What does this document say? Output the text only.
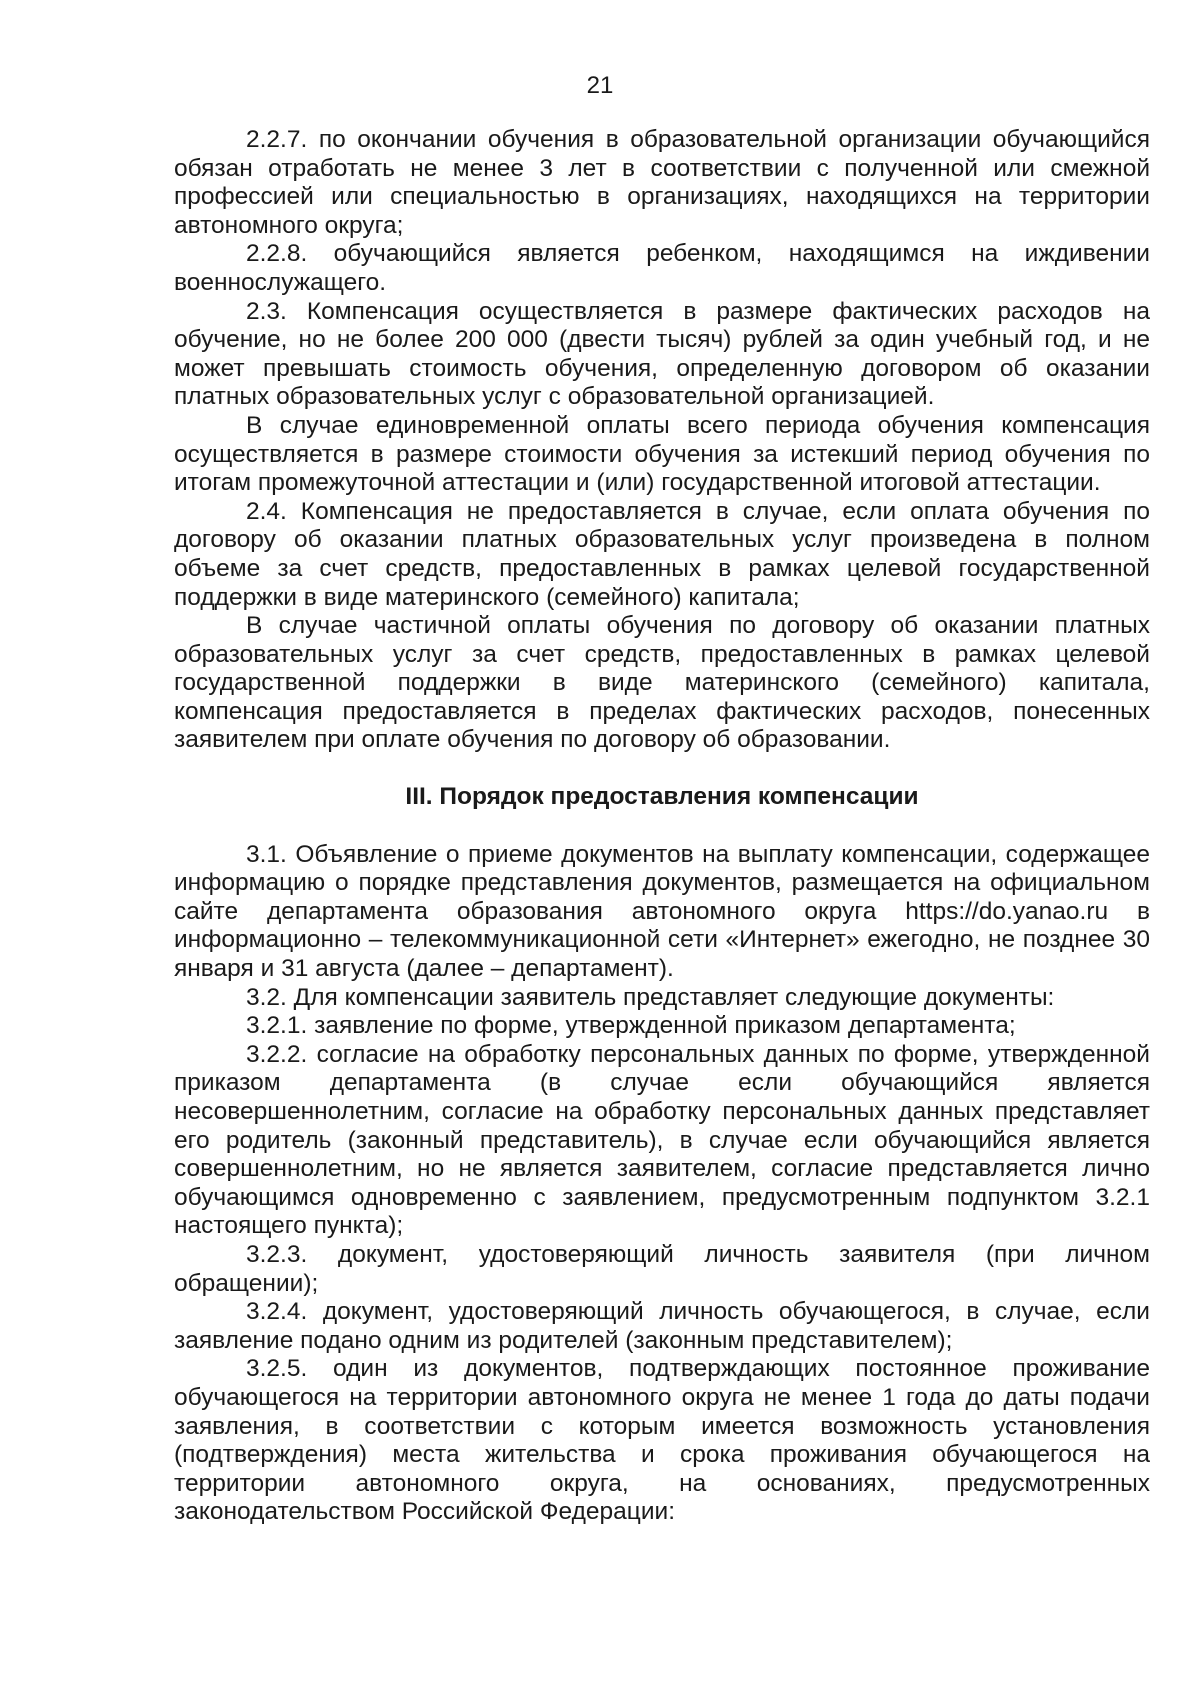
21

2.2.7. по окончании обучения в образовательной организации обучающийся обязан отработать не менее 3 лет в соответствии с полученной или смежной профессией или специальностью в организациях, находящихся на территории автономного округа;

2.2.8. обучающийся является ребенком, находящимся на иждивении военнослужащего.

2.3. Компенсация осуществляется в размере фактических расходов на обучение, но не более 200 000 (двести тысяч) рублей за один учебный год, и не может превышать стоимость обучения, определенную договором об оказании платных образовательных услуг с образовательной организацией.

В случае единовременной оплаты всего периода обучения компенсация осуществляется в размере стоимости обучения за истекший период обучения по итогам промежуточной аттестации и (или) государственной итоговой аттестации.

2.4. Компенсация не предоставляется в случае, если оплата обучения по договору об оказании платных образовательных услуг произведена в полном объеме за счет средств, предоставленных в рамках целевой государственной поддержки в виде материнского (семейного) капитала;

В случае частичной оплаты обучения по договору об оказании платных образовательных услуг за счет средств, предоставленных в рамках целевой государственной поддержки в виде материнского (семейного) капитала, компенсация предоставляется в пределах фактических расходов, понесенных заявителем при оплате обучения по договору об образовании.

III. Порядок предоставления компенсации

3.1. Объявление о приеме документов на выплату компенсации, содержащее информацию о порядке представления документов, размещается на официальном сайте департамента образования автономного округа https://do.yanao.ru в информационно – телекоммуникационной сети «Интернет» ежегодно, не позднее 30 января и 31 августа (далее – департамент).

3.2. Для компенсации заявитель представляет следующие документы:

3.2.1. заявление по форме, утвержденной приказом департамента;

3.2.2. согласие на обработку персональных данных по форме, утвержденной приказом департамента (в случае если обучающийся является несовершеннолетним, согласие на обработку персональных данных представляет его родитель (законный представитель), в случае если обучающийся является совершеннолетним, но не является заявителем, согласие представляется лично обучающимся одновременно с заявлением, предусмотренным подпунктом 3.2.1 настоящего пункта);

3.2.3. документ, удостоверяющий личность заявителя (при личном обращении);

3.2.4. документ, удостоверяющий личность обучающегося, в случае, если заявление подано одним из родителей (законным представителем);

3.2.5. один из документов, подтверждающих постоянное проживание обучающегося на территории автономного округа не менее 1 года до даты подачи заявления, в соответствии с которым имеется возможность установления (подтверждения) места жительства и срока проживания обучающегося на территории автономного округа, на основаниях, предусмотренных законодательством Российской Федерации:
